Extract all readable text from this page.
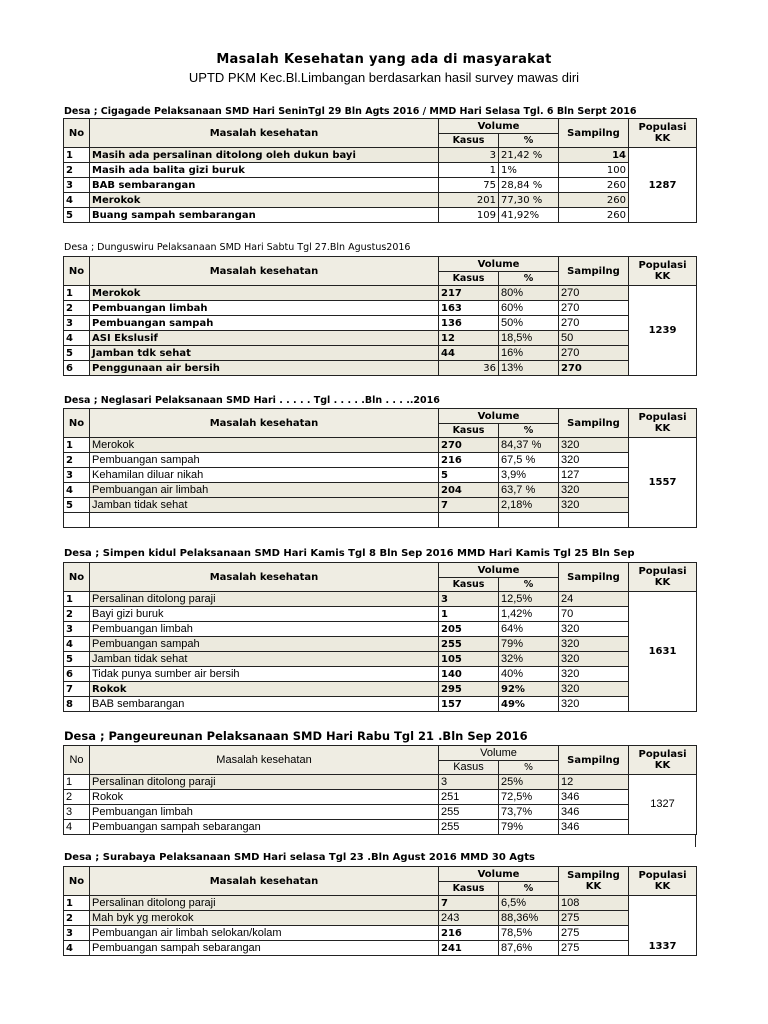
Masalah Kesehatan yang ada di masyarakat
UPTD PKM Kec.Bl.Limbangan berdasarkan hasil survey mawas diri
Desa ; Cigagade Pelaksanaan SMD Hari SeninTgl 29 Bln Agts 2016 / MMD Hari Selasa Tgl. 6 Bln Serpt 2016
No	Masalah kesehatan	Volume		Sampilng	Populasi KK
		Kasus	%		
1	Masih ada persalinan ditolong oleh dukun bayi	3	21,42 %	14	1287
2	Masih ada balita gizi buruk	1	1%	100	
3	BAB sembarangan	75	28,84 %	260	
4	Merokok	201	77,30 %	260	
5	Buang sampah sembarangan	109	41,92%	260	
Desa ; Dunguswiru Pelaksanaan SMD Hari Sabtu Tgl 27.Bln Agustus2016
No	Masalah kesehatan	Volume		Sampilng	Populasi KK
		Kasus	%		
1	Merokok	217	80%	270	1239
2	Pembuangan limbah	163	60%	270	
3	Pembuangan sampah	136	50%	270	
4	ASI Ekslusif	12	18,5%	50	
5	Jamban tdk sehat	44	16%	270	
6	Penggunaan air bersih	36	13%	270	
Desa ; Neglasari Pelaksanaan SMD Hari . . . . . Tgl . . . . .Bln . . . ..2016
No	Masalah kesehatan	Volume		Sampilng	Populasi KK
		Kasus	%		
1	Merokok	270	84,37 %	320	1557
2	Pembuangan sampah	216	67,5 %	320	
3	Kehamilan diluar nikah	5	3,9%	127	
4	Pembuangan air limbah	204	63,7 %	320	
5	Jamban tidak sehat	7	2,18%	320	

Desa ; Simpen kidul Pelaksanaan SMD Hari Kamis Tgl 8 Bln Sep 2016 MMD Hari Kamis Tgl 25 Bln Sep
No	Masalah kesehatan	Volume		Sampilng	Populasi KK
		Kasus	%		
1	Persalinan ditolong paraji	3	12,5%	24	1631
2	Bayi gizi buruk	1	1,42%	70	
3	Pembuangan limbah	205	64%	320	
4	Pembuangan sampah	255	79%	320	
5	Jamban tidak sehat	105	32%	320	
6	Tidak punya sumber air bersih	140	40%	320	
7	Rokok	295	92%	320	
8	BAB sembarangan	157	49%	320	
Desa ; Pangeureunan Pelaksanaan SMD Hari Rabu Tgl 21 .Bln Sep 2016
No	Masalah kesehatan	Volume		Sampilng	Populasi KK
		Kasus	%		
1	Persalinan ditolong paraji	3	25%	12	1327
2	Rokok	251	72,5%	346	
3	Pembuangan limbah	255	73,7%	346	
4	Pembuangan sampah sebarangan	255	79%	346	
Desa ; Surabaya Pelaksanaan SMD Hari selasa Tgl 23 .Bln Agust 2016 MMD 30 Agts
No	Masalah kesehatan	Volume		Sampilng KK	Populasi KK
		Kasus	%		
1	Persalinan ditolong paraji	7	6,5%	108	1337
2	Mah byk yg merokok	243	88,36%	275	
3	Pembuangan air limbah selokan/kolam	216	78,5%	275	
4	Pembuangan sampah sebarangan	241	87,6%	275	
